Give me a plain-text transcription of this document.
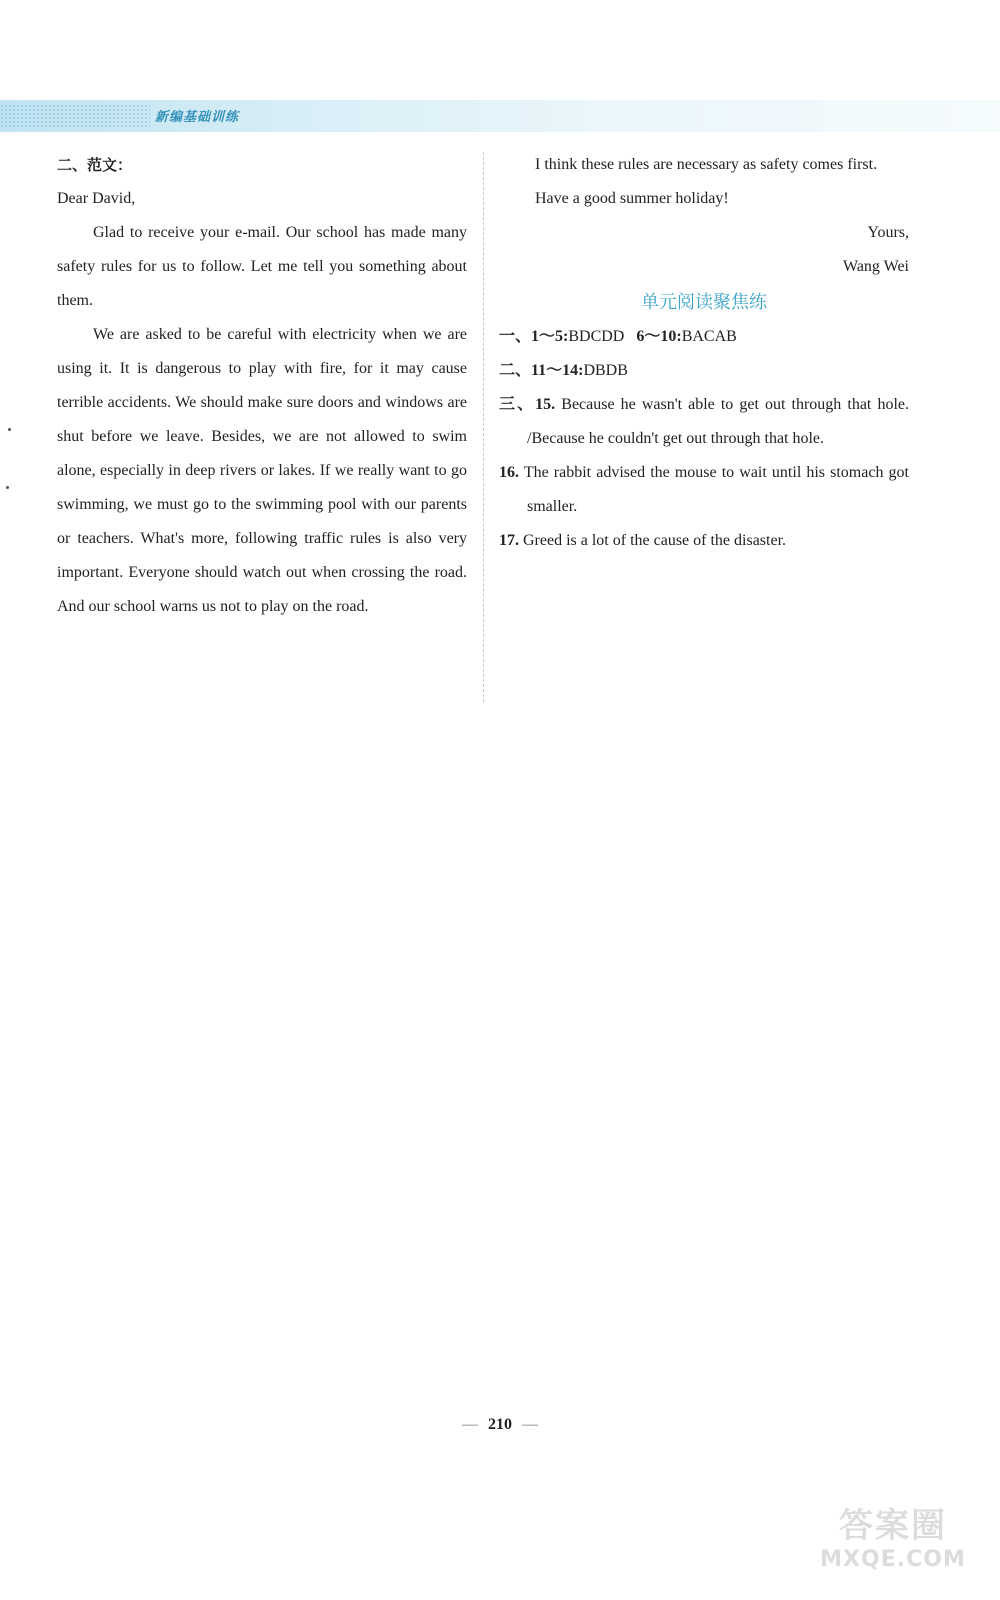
新编基础训练

二、范文：

Dear David,

Glad to receive your e-mail. Our school has made many safety rules for us to follow. Let me tell you something about them.

We are asked to be careful with electricity when we are using it. It is dangerous to play with fire, for it may cause terrible accidents. We should make sure doors and windows are shut before we leave. Besides, we are not allowed to swim alone, especially in deep rivers or lakes. If we really want to go swimming, we must go to the swimming pool with our parents or teachers. What's more, following traffic rules is also very important. Everyone should watch out when crossing the road. And our school warns us not to play on the road.

I think these rules are necessary as safety comes first.

Have a good summer holiday!

Yours,

Wang Wei

单元阅读聚焦练

一、1～5:BDCDD 6～10:BACAB

二、11～14:DBDB

三、15. Because he wasn't able to get out through that hole. /Because he couldn't get out through that hole.

16. The rabbit advised the mouse to wait until his stomach got smaller.

17. Greed is a lot of the cause of the disaster.

— 210 —
答案圈
MXQE.COM
